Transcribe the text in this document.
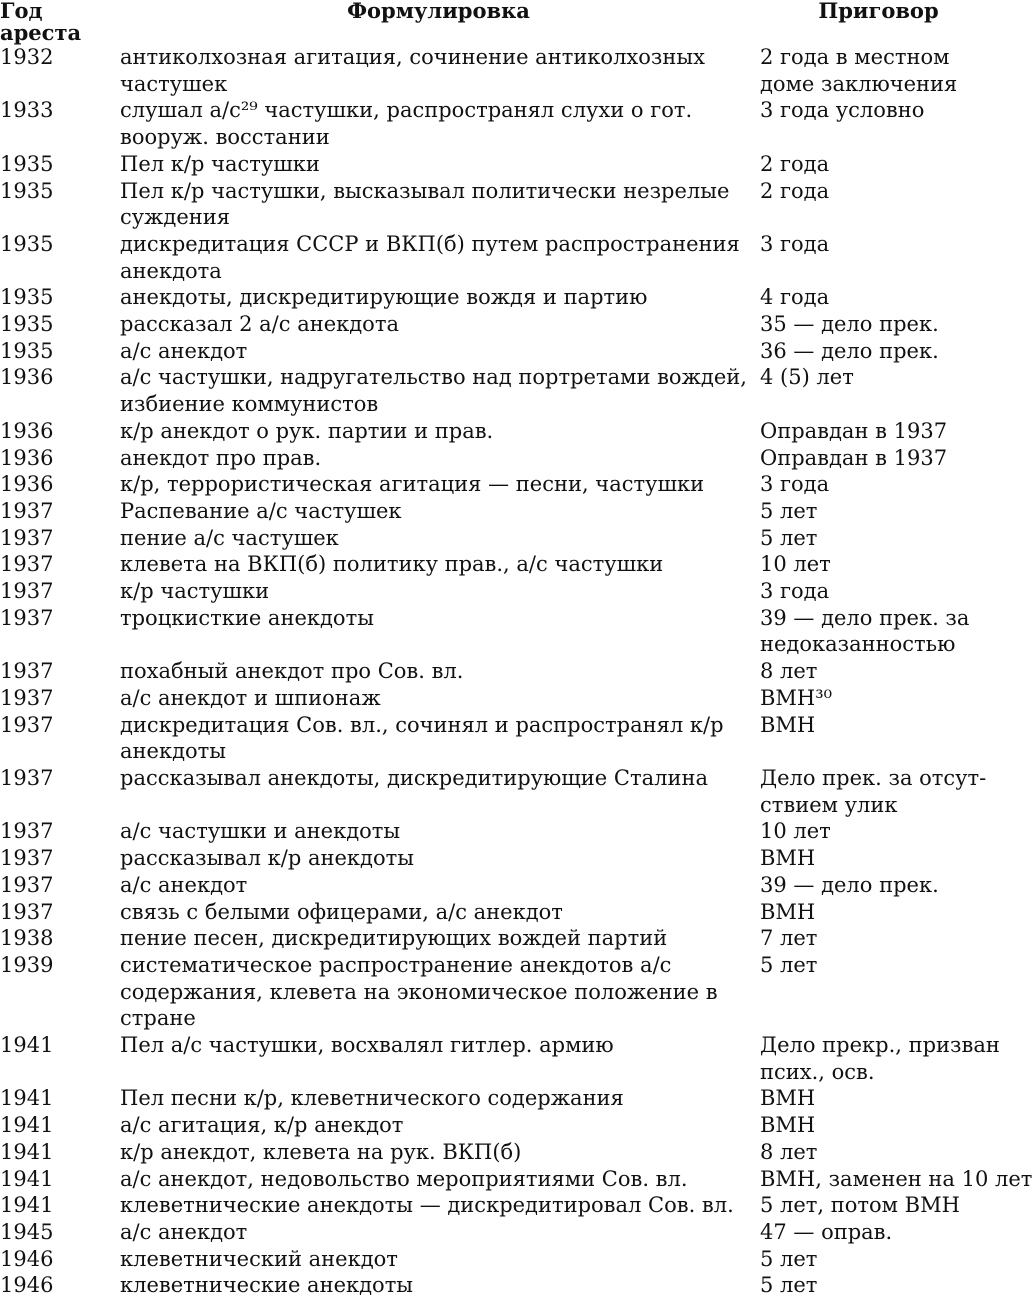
Год ареста	Формулировка	Приговор
1932	антиколхозная агитация, сочинение антиколхозных частушек	2 года в местном
доме заключения
1933	слушал а/с²⁹ частушки, распространял слухи о гот. вооруж. восстании	3 года условно
1935	Пел к/р частушки	2 года
1935	Пел к/р частушки, высказывал политически незрелые суждения	2 года
1935	дискредитация СССР и ВКП(б) путем распространения анекдота	3 года
1935	анекдоты, дискредитирующие вождя и партию	4 года
1935	рассказал 2 а/с анекдота	35 — дело прек.
1935	а/с анекдот	36 — дело прек.
1936	а/с частушки, надругательство над портретами вождей, избиение коммунистов	4 (5) лет
1936	к/р анекдот о рук. партии и прав.	Оправдан в 1937
1936	анекдот про прав.	Оправдан в 1937
1936	к/р, террористическая агитация — песни, частушки	3 года
1937	Распевание а/с частушек	5 лет
1937	пение а/с частушек	5 лет
1937	клевета на ВКП(б) политику прав., а/с частушки	10 лет
1937	к/р частушки	3 года
1937	троцкисткие анекдоты	39 — дело прек. за
недоказанностью
1937	похабный анекдот про Сов. вл.	8 лет
1937	а/с анекдот и шпионаж	ВМН³⁰
1937	дискредитация Сов. вл., сочинял и распространял к/р анекдоты	ВМН
1937	рассказывал анекдоты, дискредитирующие Сталина	Дело прек. за отсут-
ствием улик
1937	а/с частушки и анекдоты	10 лет
1937	рассказывал к/р анекдоты	ВМН
1937	а/с анекдот	39 — дело прек.
1937	связь с белыми офицерами, а/с анекдот	ВМН
1938	пение песен, дискредитирующих вождей партий	7 лет
1939	систематическое распространение анекдотов а/с
содержания, клевета на экономическое положение в стране	5 лет
1941	Пел а/с частушки, восхвалял гитлер. армию	Дело прекр., призван
псих., осв.
1941	Пел песни к/р, клеветнического содержания	ВМН
1941	а/с агитация, к/р анекдот	ВМН
1941	к/р анекдот, клевета на рук. ВКП(б)	8 лет
1941	а/с анекдот, недовольство мероприятиями Сов. вл.	ВМН, заменен на 10 лет
1941	клеветнические анекдоты — дискредитировал Сов. вл.	5 лет, потом ВМН
1945	а/с анекдот	47 — оправ.
1946	клеветнический анекдот	5 лет
1946	клеветнические анекдоты	5 лет
